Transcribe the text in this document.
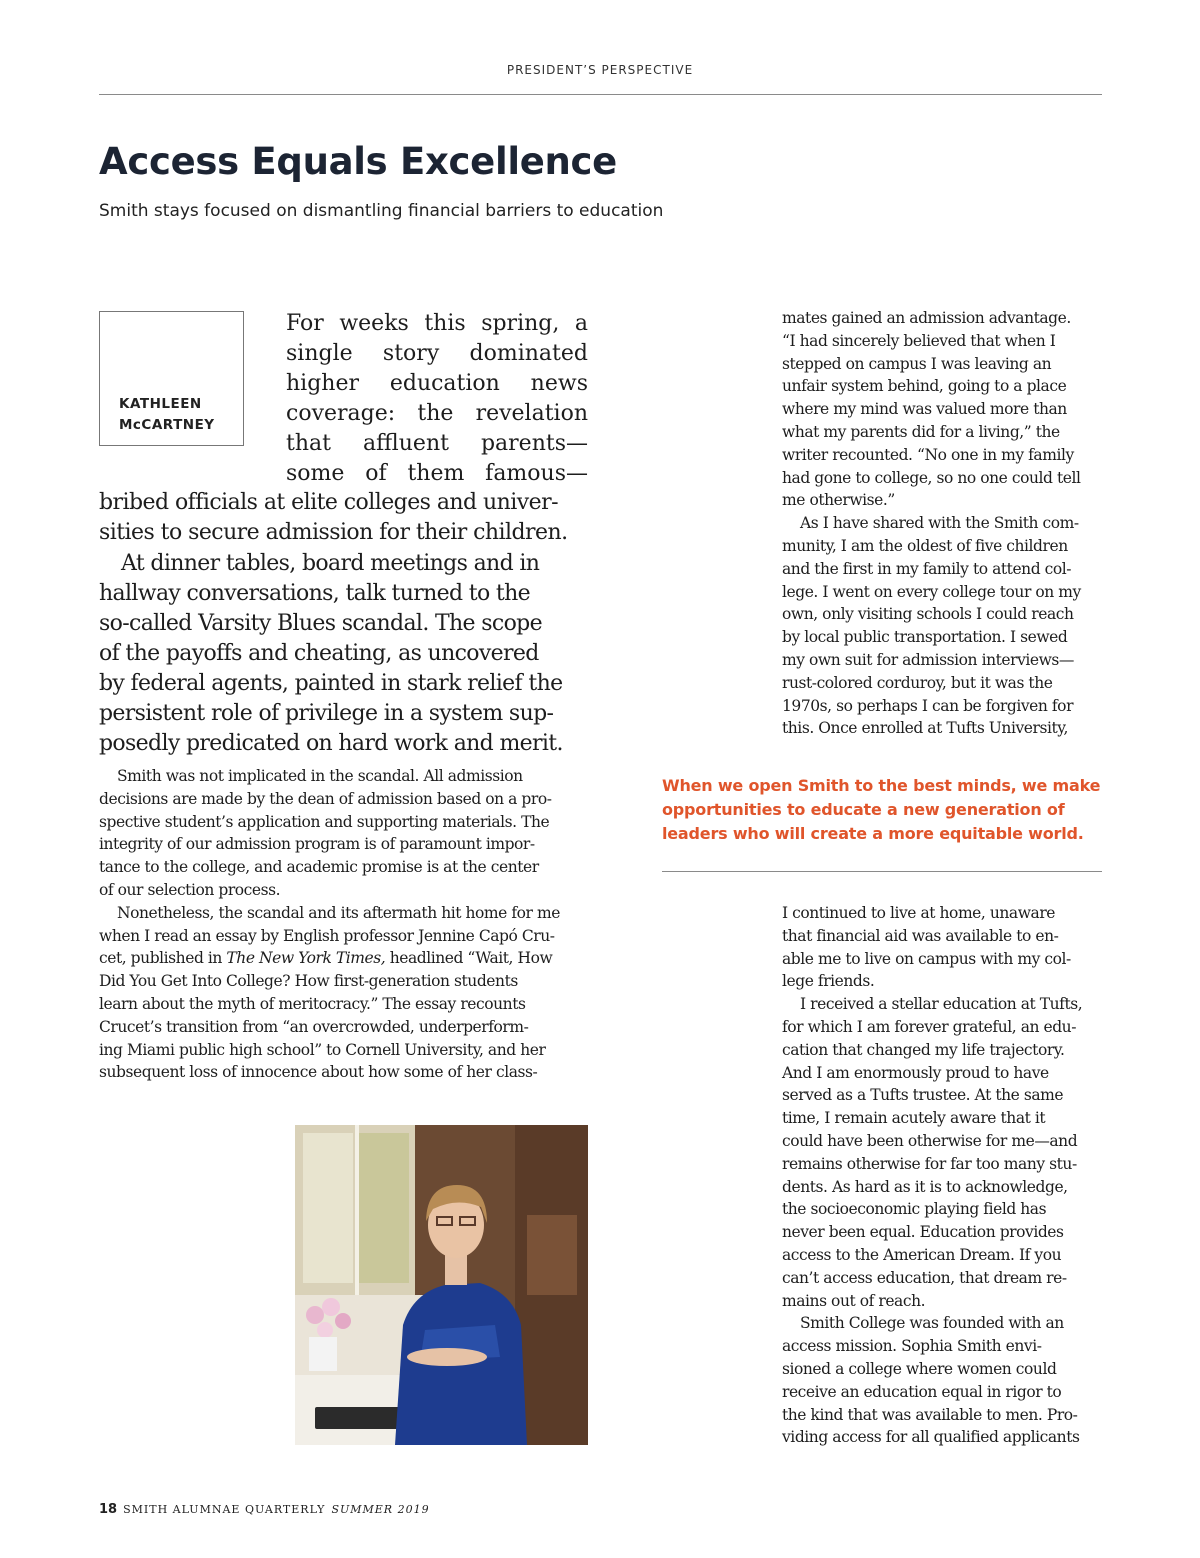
PRESIDENT’S PERSPECTIVE
Access Equals Excellence

Smith stays focused on dismantling financial barriers to education

KATHLEEN
McCARTNEY
For weeks this spring, a
single story dominated
higher education news
coverage: the revelation
that affluent parents—
some of them famous—
bribed officials at elite colleges and univer-
sities to secure admission for their children.
At dinner tables, board meetings and in
hallway conversations, talk turned to the
so-called Varsity Blues scandal. The scope
of the payoffs and cheating, as uncovered
by federal agents, painted in stark relief the
persistent role of privilege in a system sup-
posedly predicated on hard work and merit.
Smith was not implicated in the scandal. All admission
decisions are made by the dean of admission based on a pro-
spective student’s application and supporting materials. The
integrity of our admission program is of paramount impor-
tance to the college, and academic promise is at the center
of our selection process.
Nonetheless, the scandal and its aftermath hit home for me
when I read an essay by English professor Jennine Capó Cru-
cet, published in The New York Times, headlined “Wait, How
Did You Get Into College? How first-generation students
learn about the myth of meritocracy.” The essay recounts
Crucet’s transition from “an overcrowded, underperform-
ing Miami public high school” to Cornell University, and her
subsequent loss of innocence about how some of her class-
mates gained an admission advantage.
“I had sincerely believed that when I
stepped on campus I was leaving an
unfair system behind, going to a place
where my mind was valued more than
what my parents did for a living,” the
writer recounted. “No one in my family
had gone to college, so no one could tell
me otherwise.”
As I have shared with the Smith com-
munity, I am the oldest of five children
and the first in my family to attend col-
lege. I went on every college tour on my
own, only visiting schools I could reach
by local public transportation. I sewed
my own suit for admission interviews—
rust-colored corduroy, but it was the
1970s, so perhaps I can be forgiven for
this. Once enrolled at Tufts University,
When we open Smith to the best minds, we make
opportunities to educate a new generation of
leaders who will create a more equitable world.
I continued to live at home, unaware
that financial aid was available to en-
able me to live on campus with my col-
lege friends.
I received a stellar education at Tufts,
for which I am forever grateful, an edu-
cation that changed my life trajectory.
And I am enormously proud to have
served as a Tufts trustee. At the same
time, I remain acutely aware that it
could have been otherwise for me—and
remains otherwise for far too many stu-
dents. As hard as it is to acknowledge,
the socioeconomic playing field has
never been equal. Education provides
access to the American Dream. If you
can’t access education, that dream re-
mains out of reach.
Smith College was founded with an
access mission. Sophia Smith envi-
sioned a college where women could
receive an education equal in rigor to
the kind that was available to men. Pro-
viding access for all qualified applicants
18 SMITH ALUMNAE QUARTERLY SUMMER 2019
